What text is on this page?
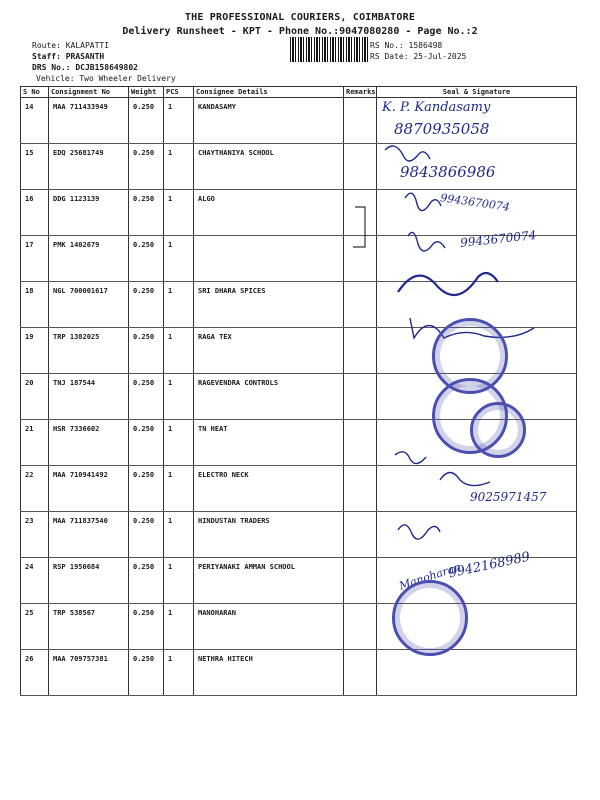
THE PROFESSIONAL COURIERS, COIMBATORE
Delivery Runsheet - KPT - Phone No.:9047080280 - Page No.:2
Route: KALAPATTI
Staff: PRASANTH
DRS No.: DCJB158649802
Vehicle: Two Wheeler Delivery
RS No.: 1586498
RS Date: 25-Jul-2025
S No	Consignment No	Weight	PCS	Consignee Details	Remarks	Seal & Signature
14	MAA 711433949	0.250	1	KANDASAMY		
15	EDQ 25681749	0.250	1	CHAYTHANIYA SCHOOL		
16	DDG 1123139	0.250	1	ALGO		
17	PMK 1402679	0.250	1			
18	NGL 700001617	0.250	1	SRI DHARA SPICES		
19	TRP 1382025	0.250	1	RAGA TEX		
20	TNJ 187544	0.250	1	RAGEVENDRA CONTROLS		
21	HSR 7336602	0.250	1	TN HEAT		
22	MAA 710941492	0.250	1	ELECTRO NECK		
23	MAA 711837540	0.250	1	HINDUSTAN TRADERS		
24	RSP 1950684	0.250	1	PERIYANAKI AMMAN SCHOOL		
25	TRP 538567	0.250	1	MANOHARAN		
26	MAA 709757381	0.250	1	NETHRA HITECH		
K. P. Kandasamy
8870935058
9843866986
9943670074
9943670074
9025971457
Manoharan
9942168989
